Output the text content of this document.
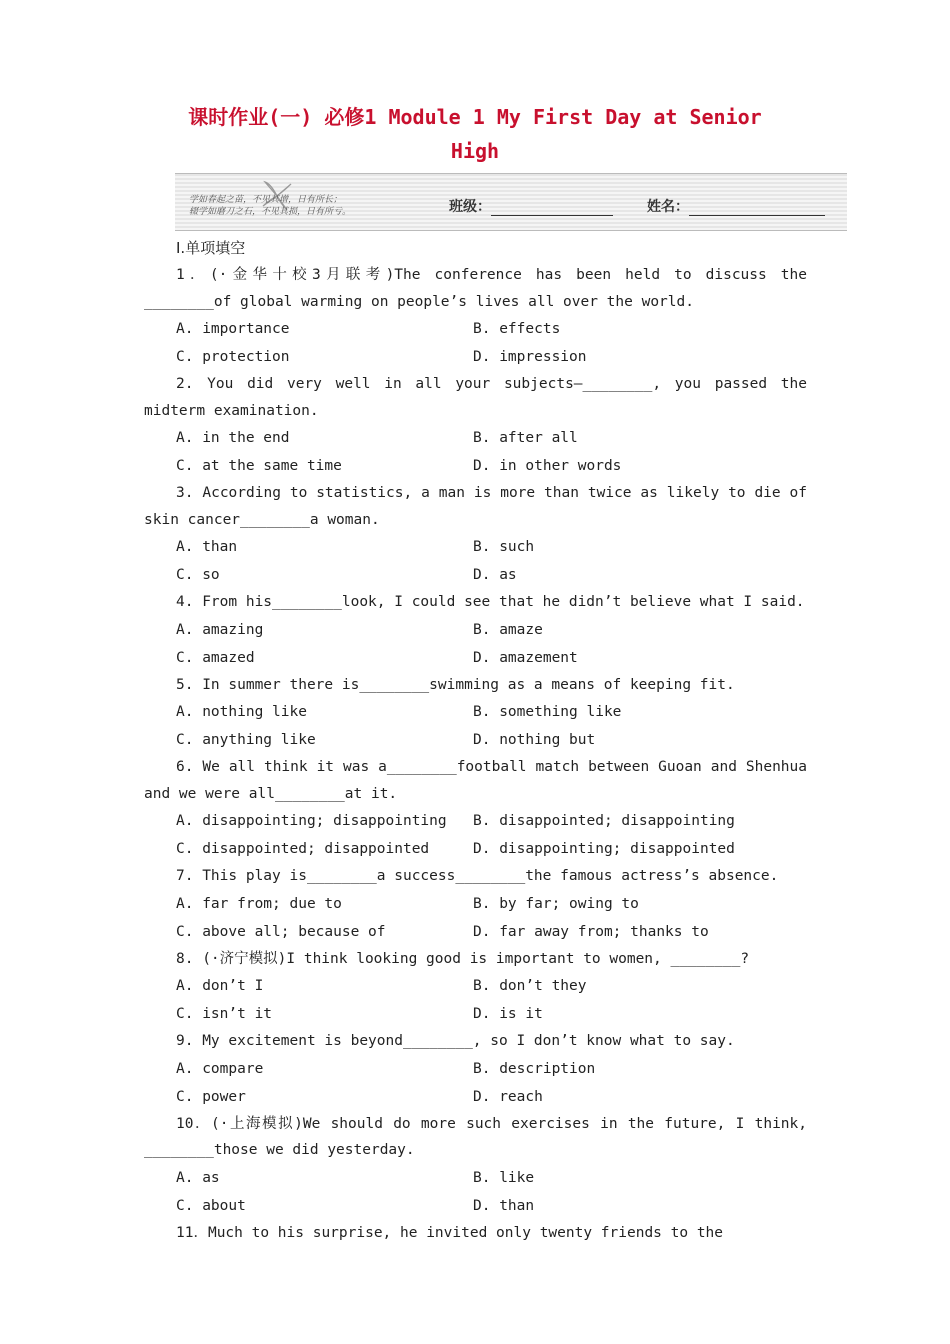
课时作业(一) 必修1 Module 1 My First Day at Senior
High
学如春起之苗，不见其增，日有所长；
辍学如磨刀之石，不见其损，日有所亏。	班级：	姓名：
Ⅰ.单项填空

1．(·金华十校3月联考)The conference has been held to discuss the ________of global warming on people’s lives all over the world.

A. importance	B. effects
C. protection	D. impression

2. You did very well in all your subjects—________, you passed the midterm examination.

A. in the end	B. after all
C. at the same time	D. in other words

3. According to statistics, a man is more than twice as likely to die of skin cancer________a woman.

A. than	B. such
C. so	D. as

4. From his________look, I could see that he didn’t believe what I said.

A. amazing	B. amaze
C. amazed	D. amazement

5. In summer there is________swimming as a means of keeping fit.

A. nothing like	B. something like
C. anything like	D. nothing but

6. We all think it was a________football match between Guoan and Shenhua and we were all________at it.

A. disappointing; disappointing	B. disappointed; disappointing
C. disappointed; disappointed	D. disappointing; disappointed

7. This play is________a success________the famous actress’s absence.

A. far from; due to	B. by far; owing to
C. above all; because of	D. far away from; thanks to

8. (·济宁模拟)I think looking good is important to women, ________?

A. don’t I	B. don’t they
C. isn’t it	D. is it

9. My excitement is beyond________, so I don’t know what to say.

A. compare	B. description
C. power	D. reach

10．(·上海模拟)We should do more such exercises in the future, I think, ________those we did yesterday.

A. as	B. like
C. about	D. than

11．Much to his surprise, he invited only twenty friends to the
